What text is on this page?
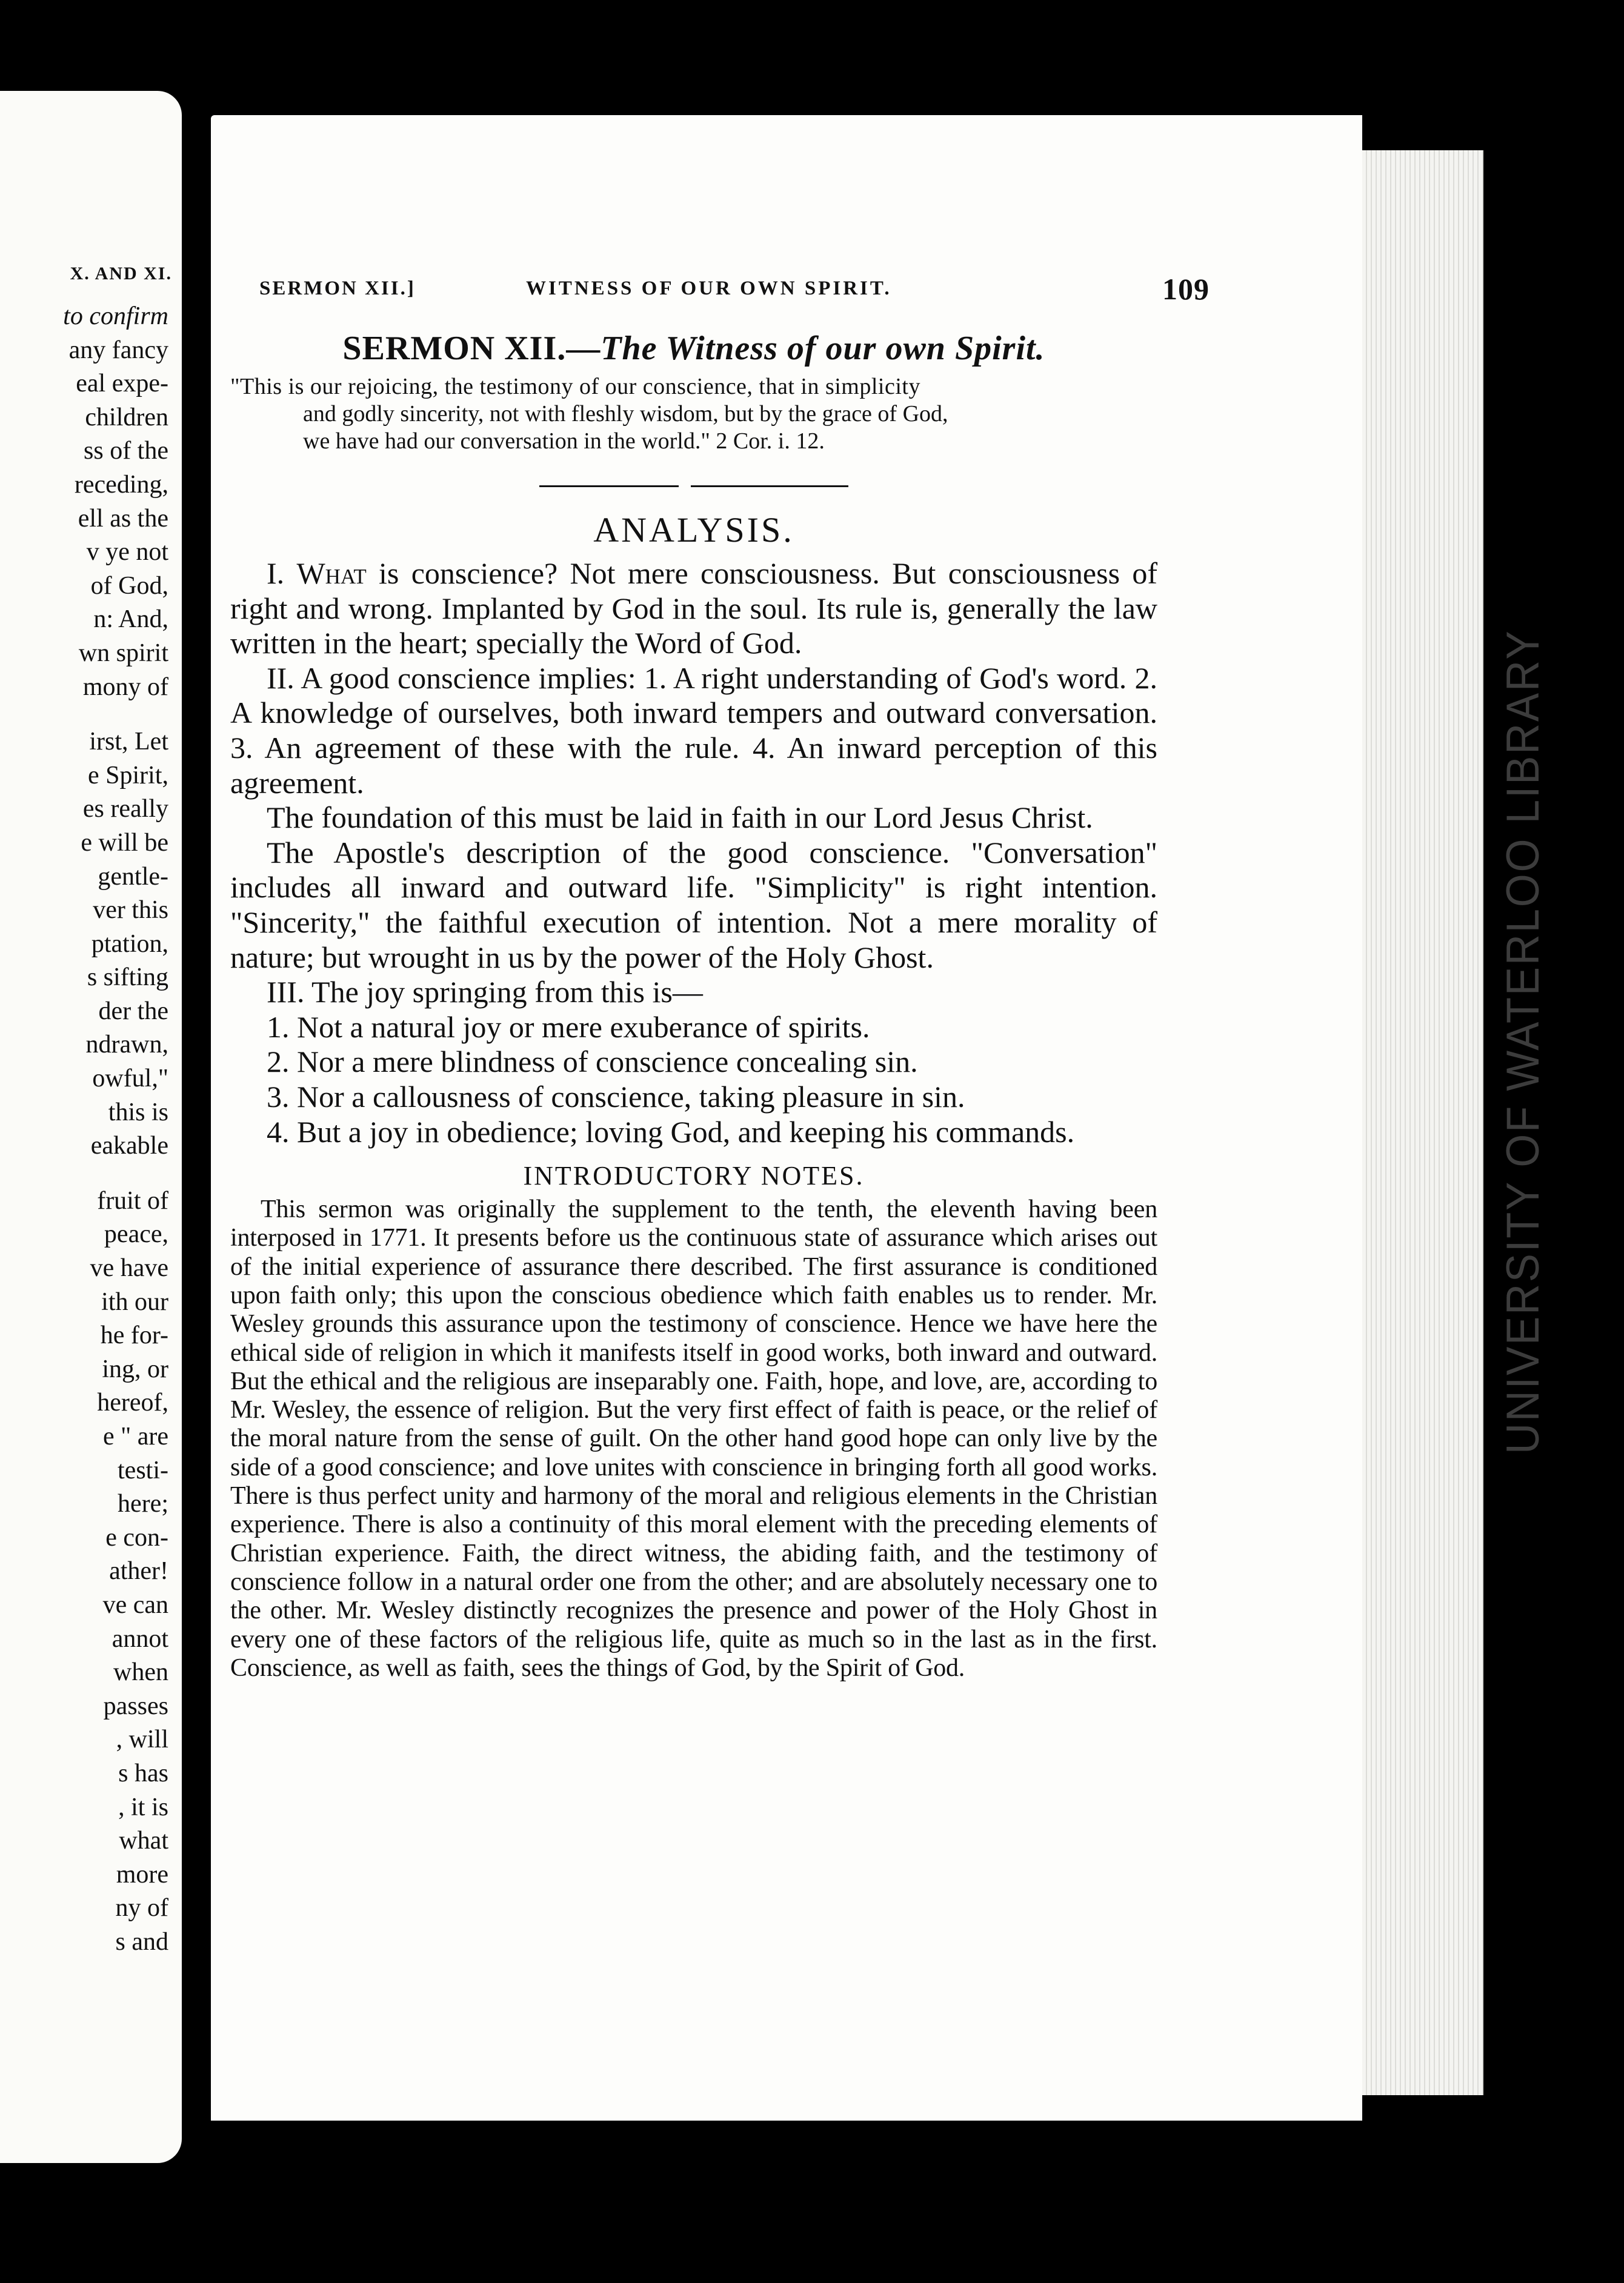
X. AND XI.
to confirm
any fancy
eal expe-
children
ss of the
receding,
ell as the
v ye not
of God,
n: And,
wn spirit
mony of
irst, Let
e Spirit,
es really
e will be
gentle-
ver this
ptation,
s sifting
der the
ndrawn,
owful,"
this is
eakable
fruit of
peace,
ve have
ith our
he for-
ing, or
hereof,
e " are
testi-
here;
e con-
ather!
ve can
annot
when
passes
, will
s has
, it is
what
more
ny of
s and
SERMON XII.]	WITNESS OF OUR OWN SPIRIT.	109
UNIVERSITY OF WATERLOO LIBRARY
SERMON XII.—The Witness of our own Spirit.
"This is our rejoicing, the testimony of our conscience, that in simplicity
and godly sincerity, not with fleshly wisdom, but by the grace of God,
we have had our conversation in the world." 2 Cor. i. 12.
ANALYSIS.

I. What is conscience? Not mere consciousness. But consciousness of right and wrong. Implanted by God in the soul. Its rule is, generally the law written in the heart; specially the Word of God.

II. A good conscience implies: 1. A right understanding of God's word. 2. A knowledge of ourselves, both inward tempers and outward conversation. 3. An agreement of these with the rule. 4. An inward perception of this agreement.

The foundation of this must be laid in faith in our Lord Jesus Christ.

The Apostle's description of the good conscience. "Conversation" includes all inward and outward life. "Simplicity" is right intention. "Sincerity," the faithful execution of intention. Not a mere morality of nature; but wrought in us by the power of the Holy Ghost.

III. The joy springing from this is—

1. Not a natural joy or mere exuberance of spirits.

2. Nor a mere blindness of conscience concealing sin.

3. Nor a callousness of conscience, taking pleasure in sin.

4. But a joy in obedience; loving God, and keeping his commands.

INTRODUCTORY NOTES.

This sermon was originally the supplement to the tenth, the eleventh having been interposed in 1771. It presents before us the continuous state of assurance which arises out of the initial experience of assurance there described. The first assurance is conditioned upon faith only; this upon the conscious obedience which faith enables us to render. Mr. Wesley grounds this assurance upon the testimony of conscience. Hence we have here the ethical side of religion in which it manifests itself in good works, both inward and outward. But the ethical and the religious are inseparably one. Faith, hope, and love, are, according to Mr. Wesley, the essence of religion. But the very first effect of faith is peace, or the relief of the moral nature from the sense of guilt. On the other hand good hope can only live by the side of a good conscience; and love unites with conscience in bringing forth all good works. There is thus perfect unity and harmony of the moral and religious elements in the Christian experience. There is also a continuity of this moral element with the preceding elements of Christian experience. Faith, the direct witness, the abiding faith, and the testimony of conscience follow in a natural order one from the other; and are absolutely necessary one to the other. Mr. Wesley distinctly recognizes the presence and power of the Holy Ghost in every one of these factors of the religious life, quite as much so in the last as in the first. Conscience, as well as faith, sees the things of God, by the Spirit of God.
